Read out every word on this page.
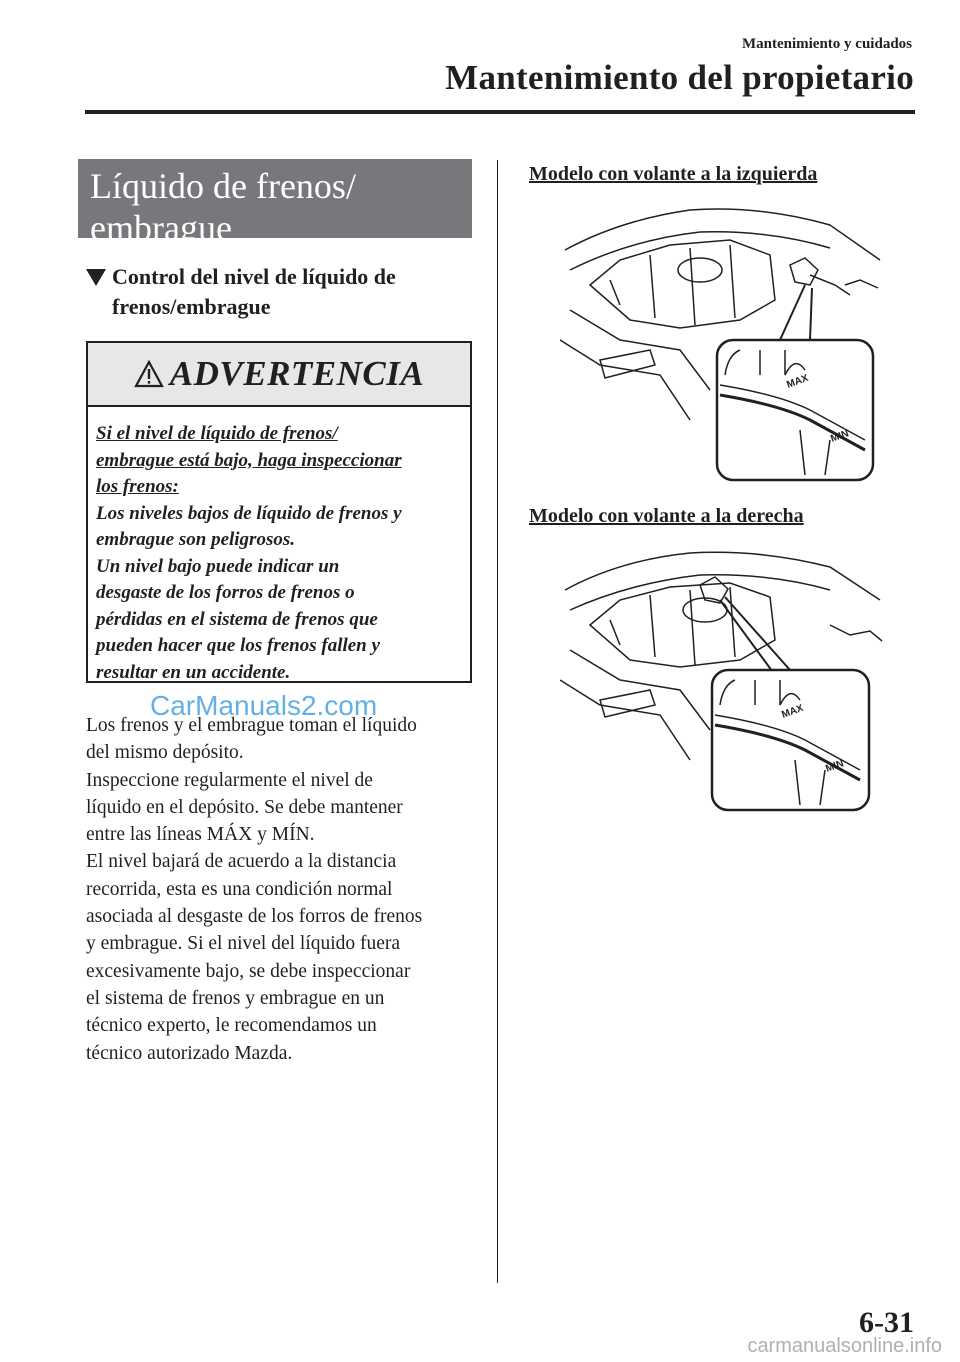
Mantenimiento y cuidados
Mantenimiento del propietario
Líquido de frenos/
embrague
Control del nivel de líquido de
frenos/embrague
ADVERTENCIA
Si el nivel de líquido de frenos/
embrague está bajo, haga inspeccionar
los frenos:
Los niveles bajos de líquido de frenos y
embrague son peligrosos.
Un nivel bajo puede indicar un
desgaste de los forros de frenos o
pérdidas en el sistema de frenos que
pueden hacer que los frenos fallen y
resultar en un accidente.
Los frenos y el embrague toman el líquido
del mismo depósito.
Inspeccione regularmente el nivel de
líquido en el depósito. Se debe mantener
entre las líneas MÁX y MÍN.
El nivel bajará de acuerdo a la distancia
recorrida, esta es una condición normal
asociada al desgaste de los forros de frenos
y embrague. Si el nivel del líquido fuera
excesivamente bajo, se debe inspeccionar
el sistema de frenos y embrague en un
técnico experto, le recomendamos un
técnico autorizado Mazda.
CarManuals2.com
Modelo con volante a la izquierda
MAX
MIN
Modelo con volante a la derecha
MAX
MIN
6-31
carmanualsonline.info
